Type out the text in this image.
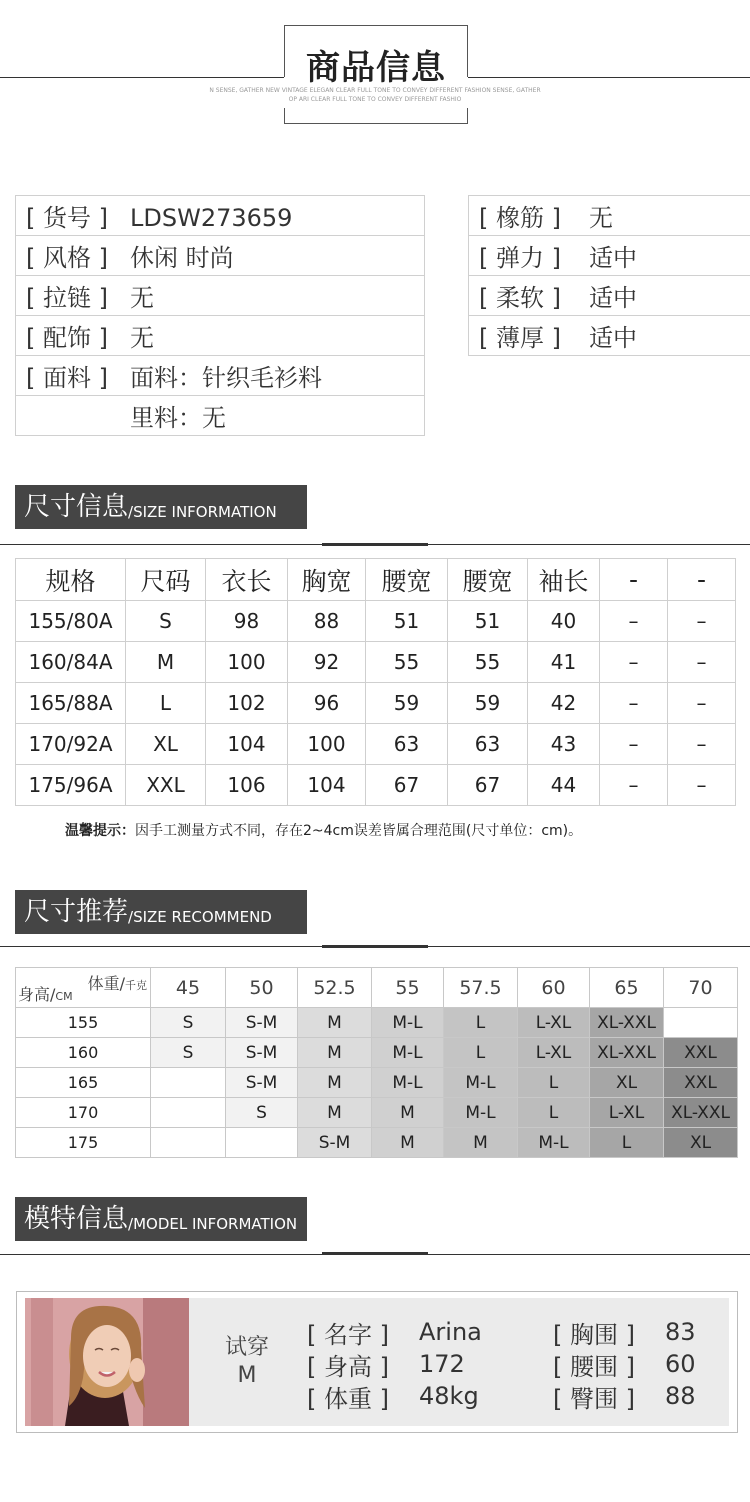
商品信息
N SENSE, GATHER NEW VINTAGE ELEGAN CLEAR FULL TONE TO CONVEY DIFFERENT FASHION SENSE, GATHER
OP ARI CLEAR FULL TONE TO CONVEY DIFFERENT FASHIO
[ 货号 ] LDSW273659
[ 风格 ] 休闲 时尚
[ 拉链 ] 无
[ 配饰 ] 无
[ 面料 ] 面料：针织毛衫料
里料：无
[ 橡筋 ] 无
[ 弹力 ] 适中
[ 柔软 ] 适中
[ 薄厚 ] 适中
尺寸信息 /SIZE INFORMATION
规格	尺码	衣长	胸宽	腰宽	腰宽	袖长	-	-
155/80A	S	98	88	51	51	40	–	–
160/84A	M	100	92	55	55	41	–	–
165/88A	L	102	96	59	59	42	–	–
170/92A	XL	104	100	63	63	43	–	–
175/96A	XXL	106	104	67	67	44	–	–
温馨提示：因手工测量方式不同，存在2~4cm误差皆属合理范围(尺寸单位：cm)。
尺寸推荐 /SIZE RECOMMEND
体重/千克
身高/CM	45	50	52.5	55	57.5	60	65	70
155	S	S-M	M	M-L	L	L-XL	XL-XXL	
160	S	S-M	M	M-L	L	L-XL	XL-XXL	XXL
165		S-M	M	M-L	M-L	L	XL	XXL
170		S	M	M	M-L	L	L-XL	XL-XXL
175			S-M	M	M	M-L	L	XL
模特信息 /MODEL INFORMATION
试穿
M
[ 名字 ]	Arina	[ 胸围 ]	83
[ 身高 ]	172	[ 腰围 ]	60
[ 体重 ]	48kg	[ 臀围 ]	88
